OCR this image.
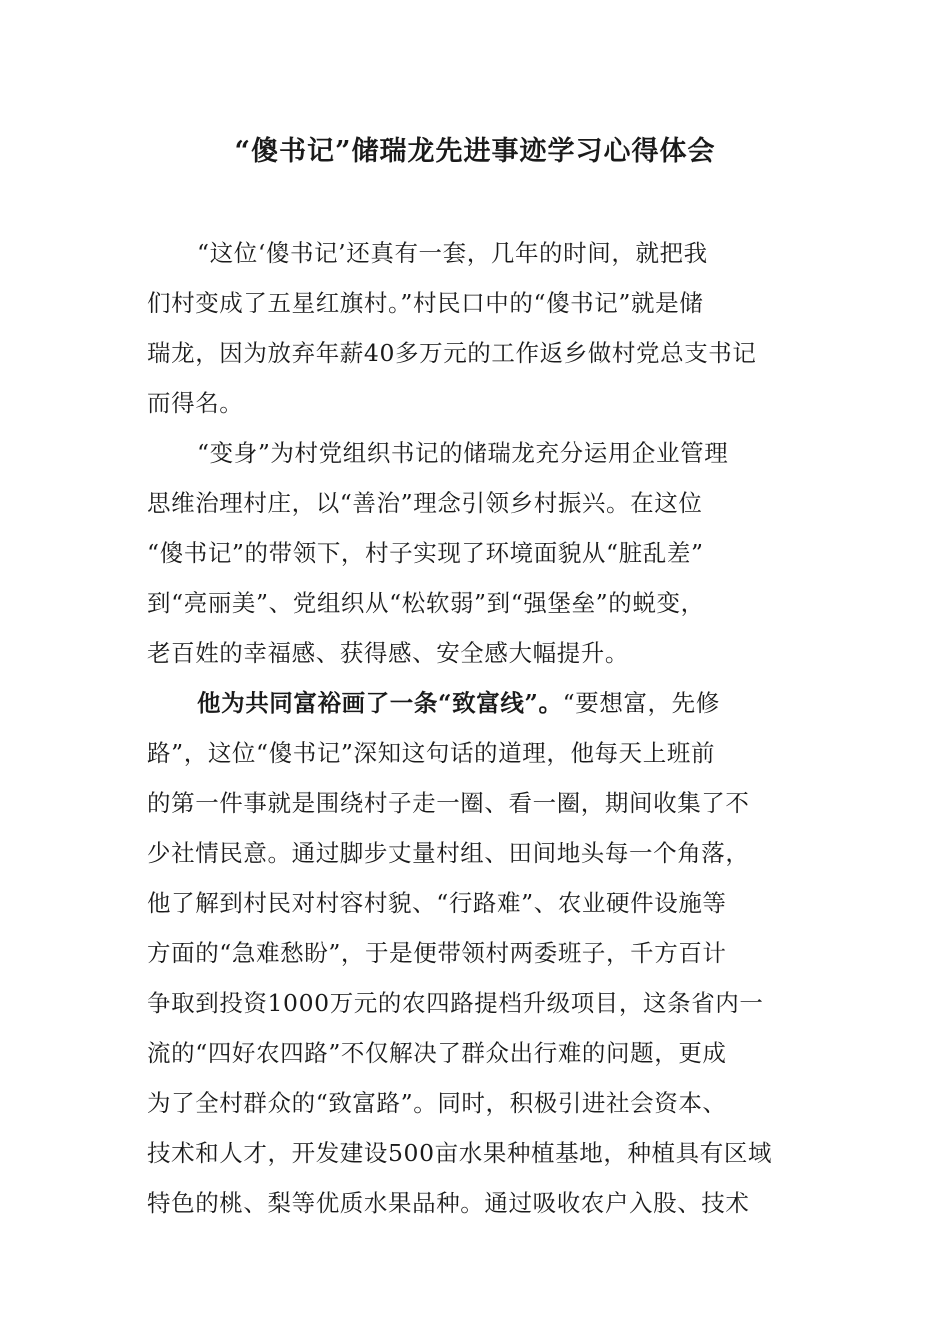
“傻书记”储瑞龙先进事迹学习心得体会
“这位‘傻书记’还真有一套，几年的时间，就把我
们村变成了五星红旗村。”村民口中的“傻书记”就是储
瑞龙，因为放弃年薪40多万元的工作返乡做村党总支书记
而得名。
“变身”为村党组织书记的储瑞龙充分运用企业管理
思维治理村庄，以“善治”理念引领乡村振兴。在这位
“傻书记”的带领下，村子实现了环境面貌从“脏乱差”
到“亮丽美”、党组织从“松软弱”到“强堡垒”的蜕变，
老百姓的幸福感、获得感、安全感大幅提升。
他为共同富裕画了一条“致富线”。“要想富，先修
路”，这位“傻书记”深知这句话的道理，他每天上班前
的第一件事就是围绕村子走一圈、看一圈，期间收集了不
少社情民意。通过脚步丈量村组、田间地头每一个角落，
他了解到村民对村容村貌、“行路难”、农业硬件设施等
方面的“急难愁盼”，于是便带领村两委班子，千方百计
争取到投资1000万元的农四路提档升级项目，这条省内一
流的“四好农四路”不仅解决了群众出行难的问题，更成
为了全村群众的“致富路”。同时，积极引进社会资本、
技术和人才，开发建设500亩水果种植基地，种植具有区域
特色的桃、梨等优质水果品种。通过吸收农户入股、技术
